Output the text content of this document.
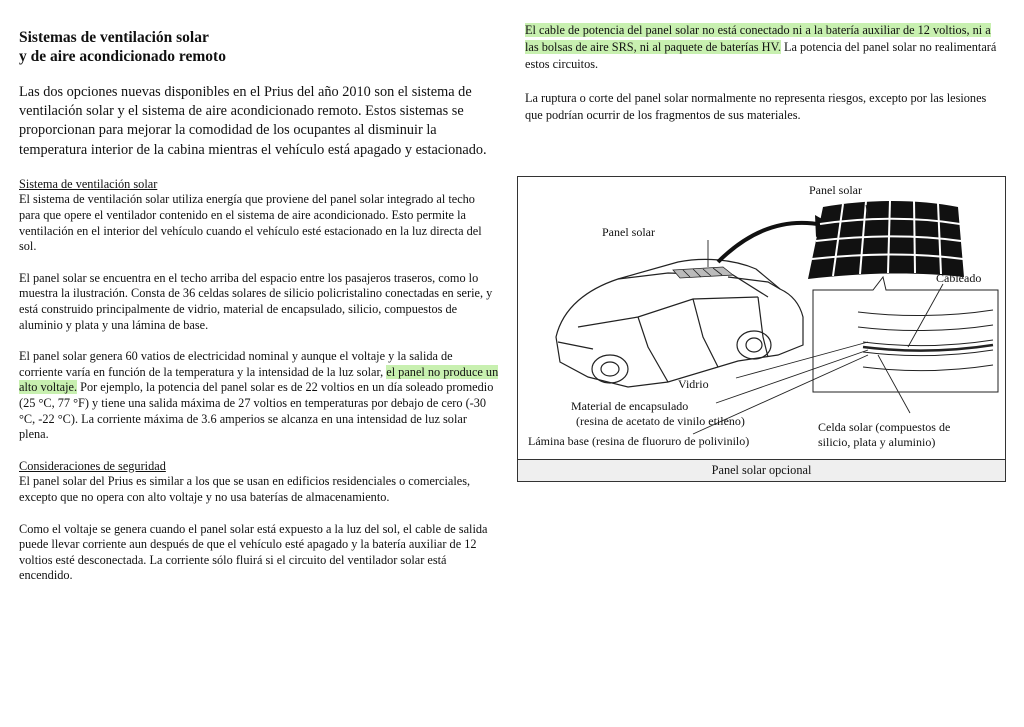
Sistemas de ventilación solar
y de aire acondicionado remoto

Las dos opciones nuevas disponibles en el Prius del año 2010 son el sistema de ventilación solar y el sistema de aire acondicionado remoto. Estos sistemas se proporcionan para mejorar la comodidad de los ocupantes al disminuir la temperatura interior de la cabina mientras el vehículo está apagado y estacionado.

Sistema de ventilación solar

El sistema de ventilación solar utiliza energía que proviene del panel solar integrado al techo para que opere el ventilador contenido en el sistema de aire acondicionado. Esto permite la ventilación en el interior del vehículo cuando el vehículo esté estacionado en la luz directa del sol.

El panel solar se encuentra en el techo arriba del espacio entre los pasajeros traseros, como lo muestra la ilustración. Consta de 36 celdas solares de silicio policristalino conectadas en serie, y está construido principalmente de vidrio, material de encapsulado, silicio, compuestos de aluminio y plata y una lámina de base.

El panel solar genera 60 vatios de electricidad nominal y aunque el voltaje y la salida de corriente varía en función de la temperatura y la intensidad de la luz solar, el panel no produce un alto voltaje. Por ejemplo, la potencia del panel solar es de 22 voltios en un día soleado promedio (25 °C, 77 °F) y tiene una salida máxima de 27 voltios en temperaturas por debajo de cero (-30 °C, -22 °C). La corriente máxima de 3.6 amperios se alcanza en una intensidad de luz solar plena.

Consideraciones de seguridad

El panel solar del Prius es similar a los que se usan en edificios residenciales o comerciales, excepto que no opera con alto voltaje y no usa baterías de almacenamiento.

Como el voltaje se genera cuando el panel solar está expuesto a la luz del sol, el cable de salida puede llevar corriente aun después de que el vehículo esté apagado y la batería auxiliar de 12 voltios esté desconectada. La corriente sólo fluirá si el circuito del ventilador solar está encendido.

El cable de potencia del panel solar no está conectado ni a la batería auxiliar de 12 voltios, ni a las bolsas de aire SRS, ni al paquete de baterías HV. La potencia del panel solar no realimentará estos circuitos.

La ruptura o corte del panel solar normalmente no representa riesgos, excepto por las lesiones que podrían ocurrir de los fragmentos de sus materiales.

Panel solar
Panel solar
Cableado
Vidrio
Material de encapsulado
(resina de acetato de vinilo etileno)
Lámina base (resina de fluoruro de polivinilo)
Celda solar (compuestos de
silicio, plata y aluminio)
Panel solar opcional
